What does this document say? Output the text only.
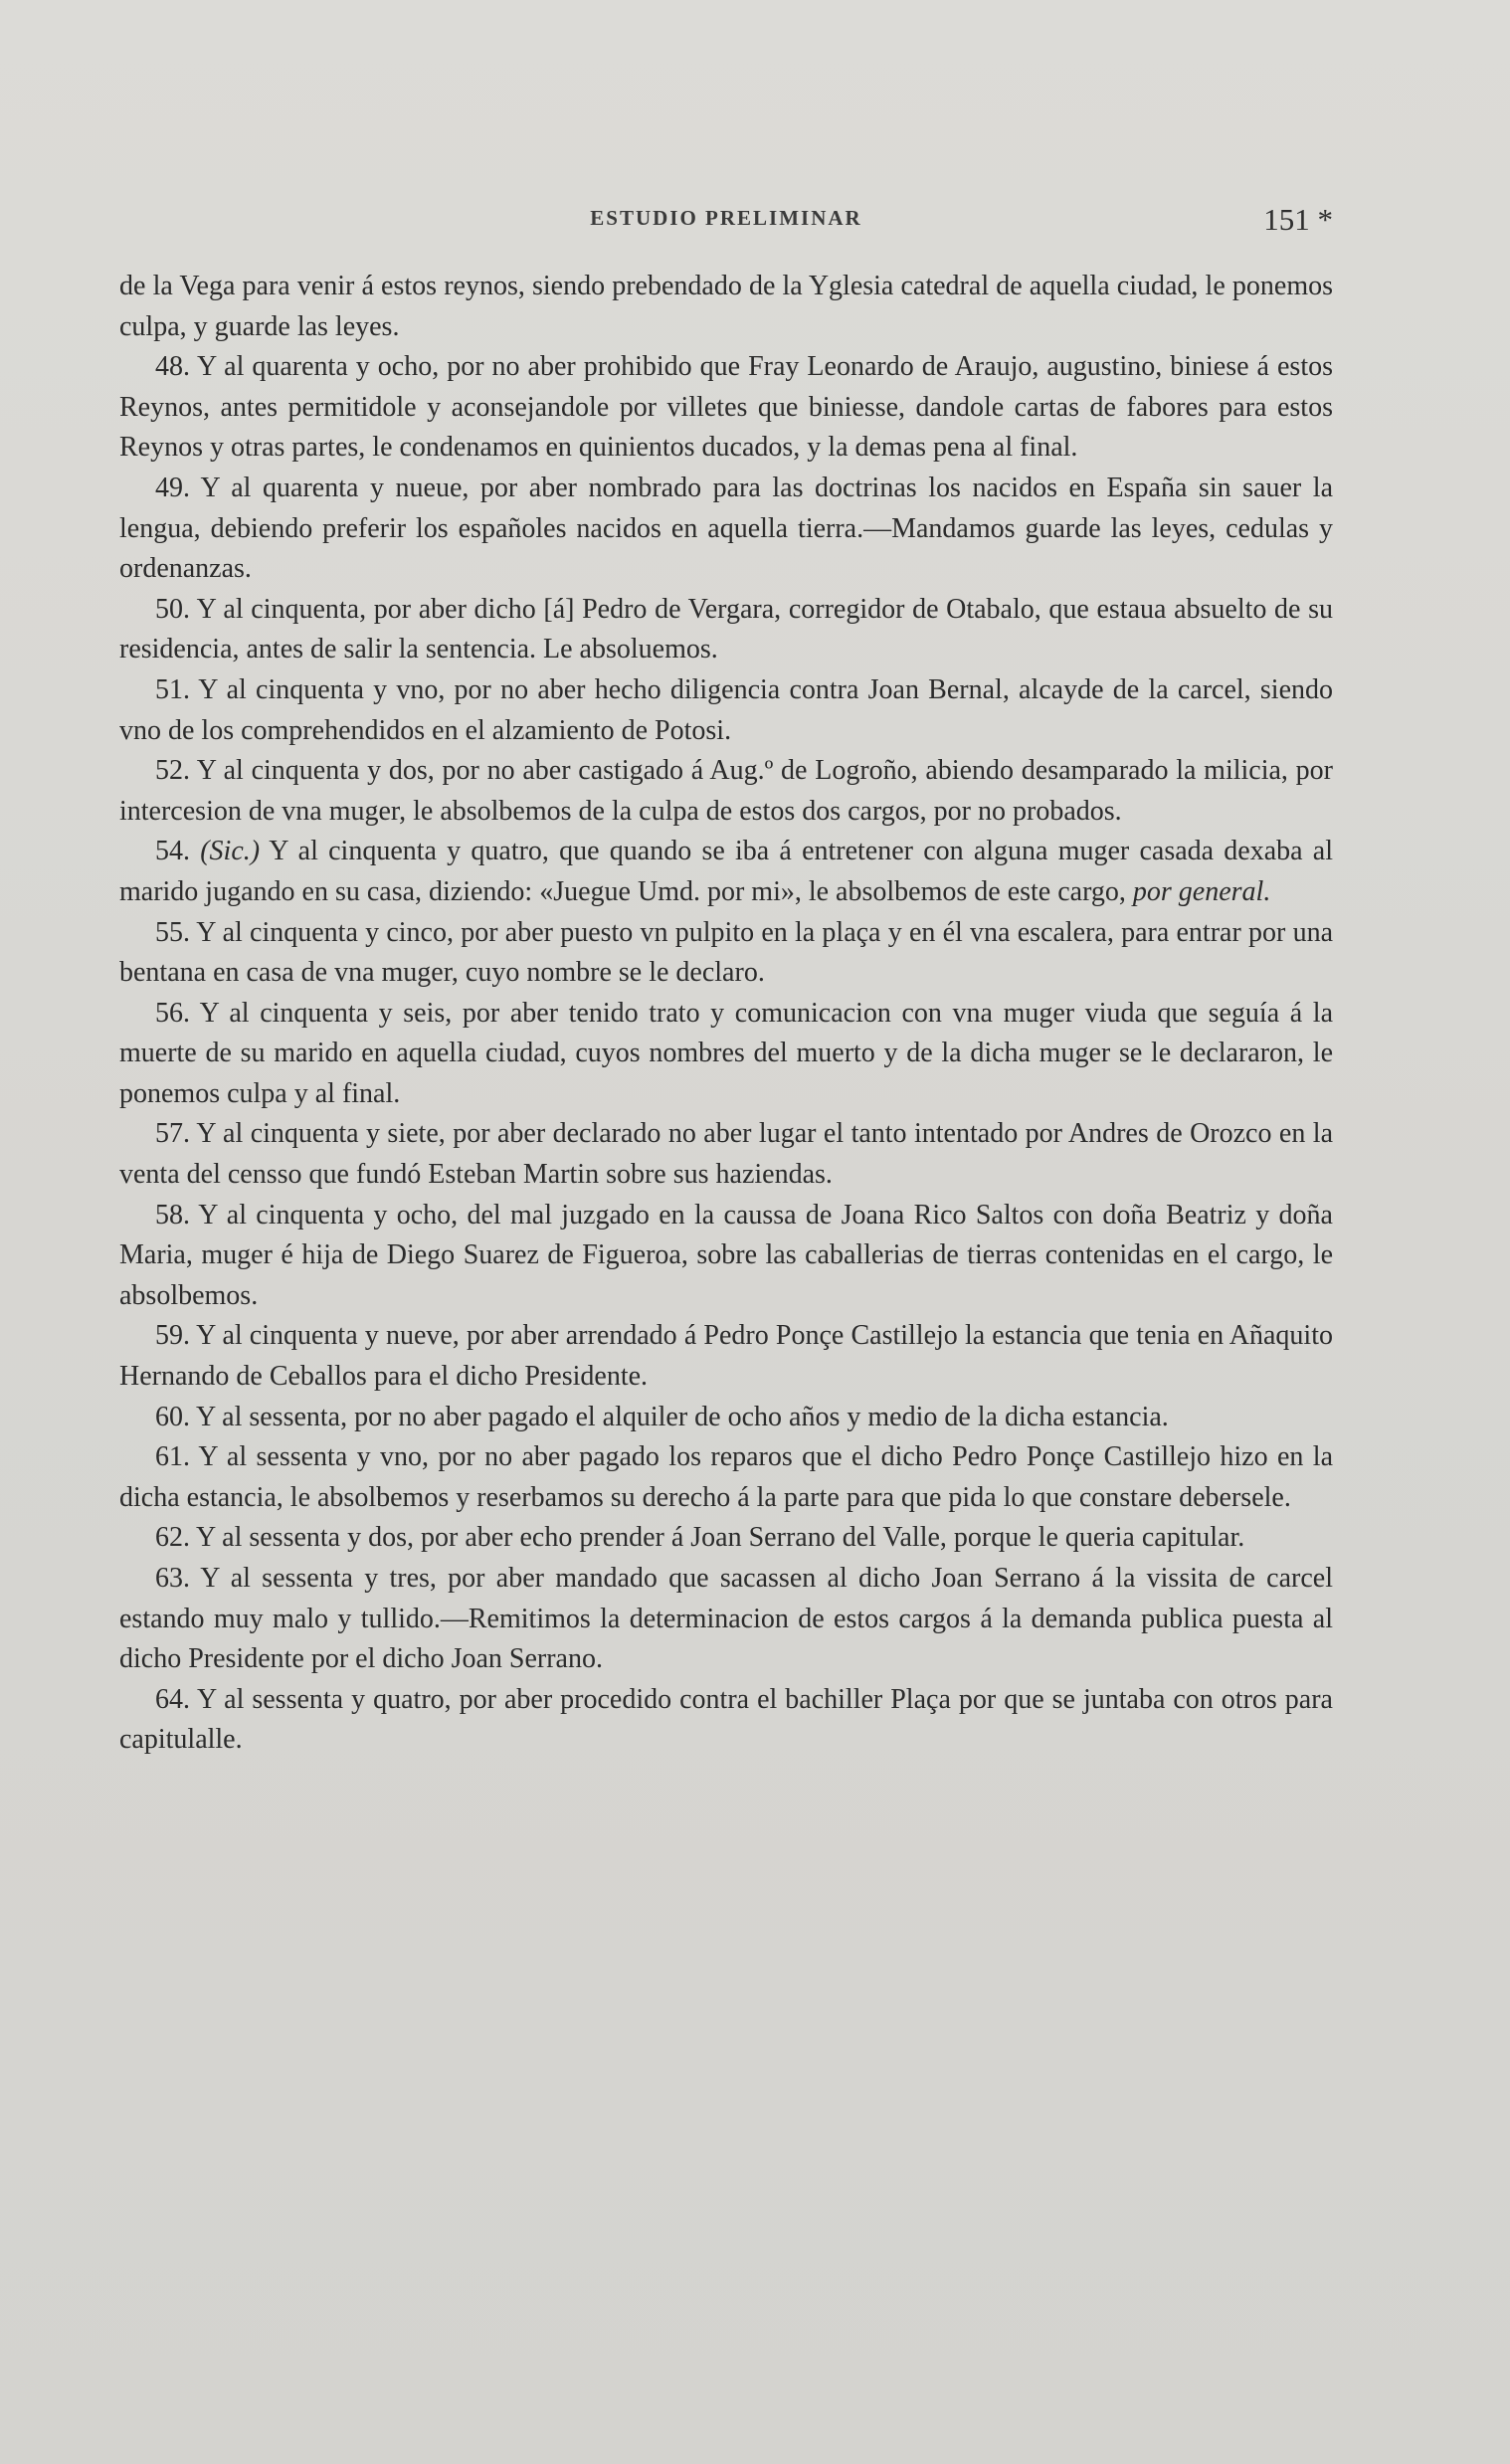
ESTUDIO PRELIMINAR	151 *

de la Vega para venir á estos reynos, siendo prebendado de la Yglesia catedral de aquella ciudad, le ponemos culpa, y guarde las leyes.

48. Y al quarenta y ocho, por no aber prohibido que Fray Leonardo de Araujo, augustino, biniese á estos Reynos, antes permitidole y aconsejandole por villetes que biniesse, dandole cartas de fabores para estos Reynos y otras partes, le condenamos en quinientos ducados, y la demas pena al final.

49. Y al quarenta y nueue, por aber nombrado para las doctrinas los nacidos en España sin sauer la lengua, debiendo preferir los españoles nacidos en aquella tierra.—Mandamos guarde las leyes, cedulas y ordenanzas.

50. Y al cinquenta, por aber dicho [á] Pedro de Vergara, corregidor de Otabalo, que estaua absuelto de su residencia, antes de salir la sentencia. Le absoluemos.

51. Y al cinquenta y vno, por no aber hecho diligencia contra Joan Bernal, alcayde de la carcel, siendo vno de los comprehendidos en el alzamiento de Potosi.

52. Y al cinquenta y dos, por no aber castigado á Aug.º de Logroño, abiendo desamparado la milicia, por intercesion de vna muger, le absolbemos de la culpa de estos dos cargos, por no probados.

54. (Sic.) Y al cinquenta y quatro, que quando se iba á entretener con alguna muger casada dexaba al marido jugando en su casa, diziendo: «Juegue Umd. por mi», le absolbemos de este cargo, por general.

55. Y al cinquenta y cinco, por aber puesto vn pulpito en la plaça y en él vna escalera, para entrar por una bentana en casa de vna muger, cuyo nombre se le declaro.

56. Y al cinquenta y seis, por aber tenido trato y comunicacion con vna muger viuda que seguía á la muerte de su marido en aquella ciudad, cuyos nombres del muerto y de la dicha muger se le declararon, le ponemos culpa y al final.

57. Y al cinquenta y siete, por aber declarado no aber lugar el tanto intentado por Andres de Orozco en la venta del censso que fundó Esteban Martin sobre sus haziendas.

58. Y al cinquenta y ocho, del mal juzgado en la caussa de Joana Rico Saltos con doña Beatriz y doña Maria, muger é hija de Diego Suarez de Figueroa, sobre las caballerias de tierras contenidas en el cargo, le absolbemos.

59. Y al cinquenta y nueve, por aber arrendado á Pedro Ponçe Castillejo la estancia que tenia en Añaquito Hernando de Ceballos para el dicho Presidente.

60. Y al sessenta, por no aber pagado el alquiler de ocho años y medio de la dicha estancia.

61. Y al sessenta y vno, por no aber pagado los reparos que el dicho Pedro Ponçe Castillejo hizo en la dicha estancia, le absolbemos y reserbamos su derecho á la parte para que pida lo que constare debersele.

62. Y al sessenta y dos, por aber echo prender á Joan Serrano del Valle, porque le queria capitular.

63. Y al sessenta y tres, por aber mandado que sacassen al dicho Joan Serrano á la vissita de carcel estando muy malo y tullido.—Remitimos la determinacion de estos cargos á la demanda publica puesta al dicho Presidente por el dicho Joan Serrano.

64. Y al sessenta y quatro, por aber procedido contra el bachiller Plaça por que se juntaba con otros para capitulalle.
